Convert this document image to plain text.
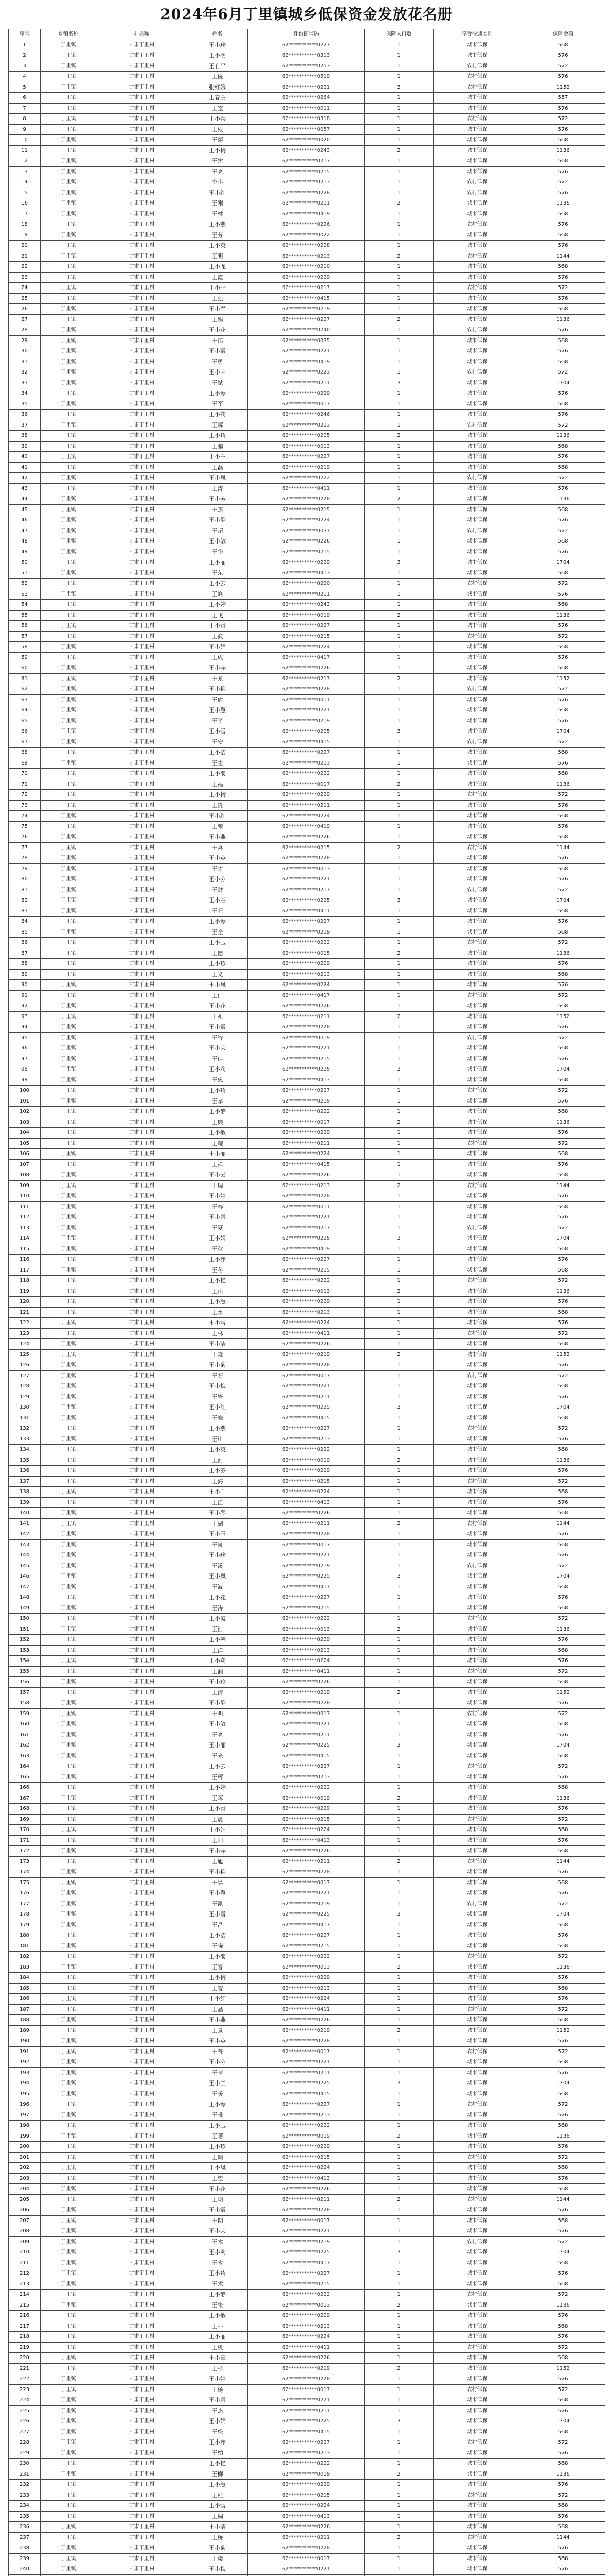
2024年6月丁里镇城乡低保资金发放花名册
序号	乡镇名称	村名称	姓名	身份证号码	保障人口数	享受待遇类别	保障金额
1	丁里镇	甘肃丁里村	王小珍	62***********0227	1	城市低保	568
2	丁里镇	甘肃丁里村	王小明	62***********0313	1	城市低保	576
3	丁里镇	甘肃丁里村	王有平	62***********0253	1	农村低保	572
4	丁里镇	甘肃丁里村	王俊	62***********0519	1	农村低保	576
5	丁里镇	甘肃丁里村	张红娥	62***********0221	3	农村低保	1152
6	丁里镇	甘肃丁里村	王春兰	62***********0264	1	城市低保	557
7	丁里镇	甘肃丁里村	王宝	62***********0011	1	城市低保	576
8	丁里镇	甘肃丁里村	王小兵	62***********0318	1	农村低保	572
9	丁里镇	甘肃丁里村	王根	62***********0057	1	城市低保	576
10	丁里镇	甘肃丁里村	王丽	62***********0020	1	城市低保	568
11	丁里镇	甘肃丁里村	王小梅	62***********0243	2	城市低保	1136
12	丁里镇	甘肃丁里村	王建	62***********0217	1	城市低保	568
13	丁里镇	甘肃丁里村	王亮	62***********0215	1	城市低保	576
14	丁里镇	甘肃丁里村	李小	62***********0213	1	农村低保	572
15	丁里镇	甘肃丁里村	王小红	62***********0228	1	农村低保	576
16	丁里镇	甘肃丁里村	王刚	62***********0211	2	城市低保	1136
17	丁里镇	甘肃丁里村	王林	62***********0419	1	城市低保	568
18	丁里镇	甘肃丁里村	王小燕	62***********0226	1	农村低保	576
19	丁里镇	甘肃丁里村	王芳	62***********0022	1	城市低保	568
20	丁里镇	甘肃丁里村	王小英	62***********0228	1	城市低保	576
21	丁里镇	甘肃丁里村	王明	62***********0213	2	农村低保	1144
22	丁里镇	甘肃丁里村	王小龙	62***********0210	1	城市低保	568
23	丁里镇	甘肃丁里村	王霞	62***********0229	1	城市低保	576
24	丁里镇	甘肃丁里村	王小平	62***********0217	1	农村低保	572
25	丁里镇	甘肃丁里村	王强	62***********0415	1	城市低保	576
26	丁里镇	甘肃丁里村	王小军	62***********0219	1	城市低保	568
27	丁里镇	甘肃丁里村	王娟	62***********0227	2	城市低保	1136
28	丁里镇	甘肃丁里村	王小花	62***********0240	1	农村低保	576
29	丁里镇	甘肃丁里村	王伟	62***********0035	1	城市低保	568
30	丁里镇	甘肃丁里村	王小霞	62***********0221	1	城市低保	576
31	丁里镇	甘肃丁里村	王勇	62***********0419	1	城市低保	568
32	丁里镇	甘肃丁里村	王小荣	62***********0223	1	农村低保	572
33	丁里镇	甘肃丁里村	王斌	62***********0211	3	城市低保	1704
34	丁里镇	甘肃丁里村	王小琴	62***********0229	1	城市低保	576
35	丁里镇	甘肃丁里村	王军	62***********0017	1	城市低保	568
36	丁里镇	甘肃丁里村	王小莉	62***********0246	1	城市低保	576
37	丁里镇	甘肃丁里村	王辉	62***********0213	1	农村低保	572
38	丁里镇	甘肃丁里村	王小玲	62***********0225	2	城市低保	1136
39	丁里镇	甘肃丁里村	王鹏	62***********0013	1	城市低保	568
40	丁里镇	甘肃丁里村	王小兰	62***********0227	1	城市低保	576
41	丁里镇	甘肃丁里村	王磊	62***********0219	1	城市低保	568
42	丁里镇	甘肃丁里村	王小凤	62***********0222	1	农村低保	572
43	丁里镇	甘肃丁里村	王涛	62***********0411	1	城市低保	576
44	丁里镇	甘肃丁里村	王小芳	62***********0228	2	城市低保	1136
45	丁里镇	甘肃丁里村	王杰	62***********0215	1	城市低保	568
46	丁里镇	甘肃丁里村	王小静	62***********0224	1	城市低保	576
47	丁里镇	甘肃丁里村	王超	62***********0037	1	农村低保	572
48	丁里镇	甘肃丁里村	王小敏	62***********0226	1	城市低保	568
49	丁里镇	甘肃丁里村	王华	62***********0215	1	城市低保	576
50	丁里镇	甘肃丁里村	王小丽	62***********0229	3	城市低保	1704
51	丁里镇	甘肃丁里村	王东	62***********0413	1	城市低保	568
52	丁里镇	甘肃丁里村	王小云	62***********0220	1	农村低保	572
53	丁里镇	甘肃丁里村	王峰	62***********0211	1	城市低保	576
54	丁里镇	甘肃丁里村	王小婷	62***********0243	1	城市低保	568
55	丁里镇	甘肃丁里村	王飞	62***********0019	2	城市低保	1136
56	丁里镇	甘肃丁里村	王小青	62***********0227	1	城市低保	576
57	丁里镇	甘肃丁里村	王波	62***********0215	1	农村低保	572
58	丁里镇	甘肃丁里村	王小娟	62***********0224	1	城市低保	568
59	丁里镇	甘肃丁里村	王成	62***********0417	1	城市低保	576
60	丁里镇	甘肃丁里村	王小萍	62***********0226	1	城市低保	568
61	丁里镇	甘肃丁里村	王龙	62***********0213	2	城市低保	1152
62	丁里镇	甘肃丁里村	王小艳	62***********0228	1	农村低保	572
63	丁里镇	甘肃丁里村	王虎	62***********0011	1	城市低保	576
64	丁里镇	甘肃丁里村	王小慧	62***********0221	1	城市低保	568
65	丁里镇	甘肃丁里村	王平	62***********0219	1	城市低保	576
66	丁里镇	甘肃丁里村	王小雪	62***********0225	3	城市低保	1704
67	丁里镇	甘肃丁里村	王安	62***********0415	1	农村低保	572
68	丁里镇	甘肃丁里村	王小洁	62***********0227	1	城市低保	568
69	丁里镇	甘肃丁里村	王生	62***********0213	1	城市低保	576
70	丁里镇	甘肃丁里村	王小菊	62***********0222	1	城市低保	568
71	丁里镇	甘肃丁里村	王福	62***********0017	2	城市低保	1136
72	丁里镇	甘肃丁里村	王小梅	62***********0229	1	农村低保	572
73	丁里镇	甘肃丁里村	王贵	62***********0211	1	城市低保	576
74	丁里镇	甘肃丁里村	王小红	62***********0224	1	城市低保	568
75	丁里镇	甘肃丁里村	王荣	62***********0419	1	城市低保	576
76	丁里镇	甘肃丁里村	王小燕	62***********0226	1	城市低保	568
77	丁里镇	甘肃丁里村	王喜	62***********0215	2	农村低保	1144
78	丁里镇	甘肃丁里村	王小英	62***********0228	1	城市低保	576
79	丁里镇	甘肃丁里村	王才	62***********0013	1	城市低保	568
80	丁里镇	甘肃丁里村	王小芬	62***********0221	1	城市低保	576
81	丁里镇	甘肃丁里村	王财	62***********0217	1	农村低保	572
82	丁里镇	甘肃丁里村	王小兰	62***********0225	3	城市低保	1704
83	丁里镇	甘肃丁里村	王旺	62***********0411	1	城市低保	568
84	丁里镇	甘肃丁里村	王小琴	62***********0227	1	城市低保	576
85	丁里镇	甘肃丁里村	王全	62***********0219	1	城市低保	568
86	丁里镇	甘肃丁里村	王小玉	62***********0222	1	农村低保	572
87	丁里镇	甘肃丁里村	王德	62***********0015	2	城市低保	1136
88	丁里镇	甘肃丁里村	王小珍	62***********0229	1	城市低保	576
89	丁里镇	甘肃丁里村	王义	62***********0213	1	城市低保	568
90	丁里镇	甘肃丁里村	王小凤	62***********0224	1	城市低保	576
91	丁里镇	甘肃丁里村	王仁	62***********0417	1	农村低保	572
92	丁里镇	甘肃丁里村	王小花	62***********0226	1	城市低保	568
93	丁里镇	甘肃丁里村	王礼	62***********0211	2	城市低保	1152
94	丁里镇	甘肃丁里村	王小霞	62***********0228	1	城市低保	576
95	丁里镇	甘肃丁里村	王智	62***********0019	1	农村低保	572
96	丁里镇	甘肃丁里村	王小荣	62***********0221	1	城市低保	568
97	丁里镇	甘肃丁里村	王信	62***********0215	1	城市低保	576
98	丁里镇	甘肃丁里村	王小莉	62***********0225	3	城市低保	1704
99	丁里镇	甘肃丁里村	王忠	62***********0413	1	城市低保	568
100	丁里镇	甘肃丁里村	王小玲	62***********0227	1	农村低保	572
101	丁里镇	甘肃丁里村	王孝	62***********0219	1	城市低保	576
102	丁里镇	甘肃丁里村	王小静	62***********0222	1	城市低保	568
103	丁里镇	甘肃丁里村	王廉	62***********0017	2	城市低保	1136
104	丁里镇	甘肃丁里村	王小敏	62***********0229	1	城市低保	576
105	丁里镇	甘肃丁里村	王耀	62***********0211	1	农村低保	572
106	丁里镇	甘肃丁里村	王小丽	62***********0224	1	城市低保	568
107	丁里镇	甘肃丁里村	王祥	62***********0415	1	城市低保	576
108	丁里镇	甘肃丁里村	王小云	62***********0226	1	城市低保	568
109	丁里镇	甘肃丁里村	王瑞	62***********0213	2	农村低保	1144
110	丁里镇	甘肃丁里村	王小婷	62***********0228	1	城市低保	576
111	丁里镇	甘肃丁里村	王春	62***********0011	1	城市低保	568
112	丁里镇	甘肃丁里村	王小青	62***********0221	1	城市低保	576
113	丁里镇	甘肃丁里村	王夏	62***********0217	1	农村低保	572
114	丁里镇	甘肃丁里村	王小娟	62***********0225	3	城市低保	1704
115	丁里镇	甘肃丁里村	王秋	62***********0419	1	城市低保	568
116	丁里镇	甘肃丁里村	王小萍	62***********0227	1	城市低保	576
117	丁里镇	甘肃丁里村	王冬	62***********0215	1	城市低保	568
118	丁里镇	甘肃丁里村	王小艳	62***********0222	1	农村低保	572
119	丁里镇	甘肃丁里村	王山	62***********0013	2	城市低保	1136
120	丁里镇	甘肃丁里村	王小慧	62***********0229	1	城市低保	576
121	丁里镇	甘肃丁里村	王水	62***********0213	1	城市低保	568
122	丁里镇	甘肃丁里村	王小雪	62***********0224	1	城市低保	576
123	丁里镇	甘肃丁里村	王林	62***********0411	1	农村低保	572
124	丁里镇	甘肃丁里村	王小洁	62***********0226	1	城市低保	568
125	丁里镇	甘肃丁里村	王森	62***********0219	2	城市低保	1152
126	丁里镇	甘肃丁里村	王小菊	62***********0228	1	城市低保	576
127	丁里镇	甘肃丁里村	王石	62***********0017	1	农村低保	572
128	丁里镇	甘肃丁里村	王小梅	62***********0221	1	城市低保	568
129	丁里镇	甘肃丁里村	王岩	62***********0211	1	城市低保	576
130	丁里镇	甘肃丁里村	王小红	62***********0225	3	城市低保	1704
131	丁里镇	甘肃丁里村	王峰	62***********0415	1	城市低保	568
132	丁里镇	甘肃丁里村	王小燕	62***********0227	1	农村低保	572
133	丁里镇	甘肃丁里村	王川	62***********0213	1	城市低保	576
134	丁里镇	甘肃丁里村	王小英	62***********0222	1	城市低保	568
135	丁里镇	甘肃丁里村	王河	62***********0019	2	城市低保	1136
136	丁里镇	甘肃丁里村	王小芬	62***********0229	1	城市低保	576
137	丁里镇	甘肃丁里村	王海	62***********0215	1	农村低保	572
138	丁里镇	甘肃丁里村	王小兰	62***********0224	1	城市低保	568
139	丁里镇	甘肃丁里村	王江	62***********0413	1	城市低保	576
140	丁里镇	甘肃丁里村	王小琴	62***********0226	1	城市低保	568
141	丁里镇	甘肃丁里村	王湖	62***********0211	2	农村低保	1144
142	丁里镇	甘肃丁里村	王小玉	62***********0228	1	城市低保	576
143	丁里镇	甘肃丁里村	王泉	62***********0017	1	城市低保	568
144	丁里镇	甘肃丁里村	王小珍	62***********0221	1	城市低保	576
145	丁里镇	甘肃丁里村	王溪	62***********0219	1	农村低保	572
146	丁里镇	甘肃丁里村	王小凤	62***********0225	3	城市低保	1704
147	丁里镇	甘肃丁里村	王波	62***********0417	1	城市低保	568
148	丁里镇	甘肃丁里村	王小花	62***********0227	1	城市低保	576
149	丁里镇	甘肃丁里村	王涛	62***********0215	1	城市低保	568
150	丁里镇	甘肃丁里村	王小霞	62***********0222	1	农村低保	572
151	丁里镇	甘肃丁里村	王浩	62***********0013	2	城市低保	1136
152	丁里镇	甘肃丁里村	王小荣	62***********0229	1	城市低保	576
153	丁里镇	甘肃丁里村	王洋	62***********0213	1	城市低保	568
154	丁里镇	甘肃丁里村	王小莉	62***********0224	1	城市低保	576
155	丁里镇	甘肃丁里村	王润	62***********0411	1	农村低保	572
156	丁里镇	甘肃丁里村	王小玲	62***********0226	1	城市低保	568
157	丁里镇	甘肃丁里村	王清	62***********0219	2	城市低保	1152
158	丁里镇	甘肃丁里村	王小静	62***********0228	1	城市低保	576
159	丁里镇	甘肃丁里村	王明	62***********0017	1	农村低保	572
160	丁里镇	甘肃丁里村	王小敏	62***********0221	1	城市低保	568
161	丁里镇	甘肃丁里村	王亮	62***********0211	1	城市低保	576
162	丁里镇	甘肃丁里村	王小丽	62***********0225	3	城市低保	1704
163	丁里镇	甘肃丁里村	王光	62***********0415	1	城市低保	568
164	丁里镇	甘肃丁里村	王小云	62***********0227	1	农村低保	572
165	丁里镇	甘肃丁里村	王辉	62***********0213	1	城市低保	576
166	丁里镇	甘肃丁里村	王小婷	62***********0222	1	城市低保	568
167	丁里镇	甘肃丁里村	王晖	62***********0019	2	城市低保	1136
168	丁里镇	甘肃丁里村	王小青	62***********0229	1	城市低保	576
169	丁里镇	甘肃丁里村	王晨	62***********0215	1	农村低保	572
170	丁里镇	甘肃丁里村	王小娟	62***********0224	1	城市低保	568
171	丁里镇	甘肃丁里村	王阳	62***********0413	1	城市低保	576
172	丁里镇	甘肃丁里村	王小萍	62***********0226	1	城市低保	568
173	丁里镇	甘肃丁里村	王旭	62***********0211	2	农村低保	1144
174	丁里镇	甘肃丁里村	王小艳	62***********0228	1	城市低保	576
175	丁里镇	甘肃丁里村	王昊	62***********0017	1	城市低保	568
176	丁里镇	甘肃丁里村	王小慧	62***********0221	1	城市低保	576
177	丁里镇	甘肃丁里村	王昆	62***********0219	1	农村低保	572
178	丁里镇	甘肃丁里村	王小雪	62***********0225	3	城市低保	1704
179	丁里镇	甘肃丁里村	王昌	62***********0417	1	城市低保	568
180	丁里镇	甘肃丁里村	王小洁	62***********0227	1	城市低保	576
181	丁里镇	甘肃丁里村	王晓	62***********0215	1	城市低保	568
182	丁里镇	甘肃丁里村	王小菊	62***********0222	1	农村低保	572
183	丁里镇	甘肃丁里村	王晋	62***********0013	2	城市低保	1136
184	丁里镇	甘肃丁里村	王小梅	62***********0229	1	城市低保	576
185	丁里镇	甘肃丁里村	王智	62***********0213	1	城市低保	568
186	丁里镇	甘肃丁里村	王小红	62***********0224	1	城市低保	576
187	丁里镇	甘肃丁里村	王晶	62***********0411	1	农村低保	572
188	丁里镇	甘肃丁里村	王小燕	62***********0226	1	城市低保	568
189	丁里镇	甘肃丁里村	王景	62***********0219	2	城市低保	1152
190	丁里镇	甘肃丁里村	王小英	62***********0228	1	城市低保	576
191	丁里镇	甘肃丁里村	王普	62***********0017	1	农村低保	572
192	丁里镇	甘肃丁里村	王小芬	62***********0221	1	城市低保	568
193	丁里镇	甘肃丁里村	王晴	62***********0211	1	城市低保	576
194	丁里镇	甘肃丁里村	王小兰	62***********0225	3	城市低保	1704
195	丁里镇	甘肃丁里村	王暖	62***********0415	1	城市低保	568
196	丁里镇	甘肃丁里村	王小琴	62***********0227	1	农村低保	572
197	丁里镇	甘肃丁里村	王曦	62***********0213	1	城市低保	576
198	丁里镇	甘肃丁里村	王小玉	62***********0222	1	城市低保	568
199	丁里镇	甘肃丁里村	王曙	62***********0019	2	城市低保	1136
200	丁里镇	甘肃丁里村	王小珍	62***********0229	1	城市低保	576
201	丁里镇	甘肃丁里村	王朗	62***********0215	1	农村低保	572
202	丁里镇	甘肃丁里村	王小凤	62***********0224	1	城市低保	568
203	丁里镇	甘肃丁里村	王望	62***********0413	1	城市低保	576
204	丁里镇	甘肃丁里村	王小花	62***********0226	1	城市低保	568
205	丁里镇	甘肃丁里村	王朝	62***********0211	2	农村低保	1144
206	丁里镇	甘肃丁里村	王小霞	62***********0228	1	城市低保	576
207	丁里镇	甘肃丁里村	王期	62***********0017	1	城市低保	568
208	丁里镇	甘肃丁里村	王小荣	62***********0221	1	城市低保	576
209	丁里镇	甘肃丁里村	王木	62***********0219	1	农村低保	572
210	丁里镇	甘肃丁里村	王小莉	62***********0225	3	城市低保	1704
211	丁里镇	甘肃丁里村	王本	62***********0417	1	城市低保	568
212	丁里镇	甘肃丁里村	王小玲	62***********0227	1	城市低保	576
213	丁里镇	甘肃丁里村	王术	62***********0215	1	城市低保	568
214	丁里镇	甘肃丁里村	王小静	62***********0222	1	农村低保	572
215	丁里镇	甘肃丁里村	王朱	62***********0013	2	城市低保	1136
216	丁里镇	甘肃丁里村	王小敏	62***********0229	1	城市低保	576
217	丁里镇	甘肃丁里村	王朴	62***********0213	1	城市低保	568
218	丁里镇	甘肃丁里村	王小丽	62***********0224	1	城市低保	576
219	丁里镇	甘肃丁里村	王机	62***********0411	1	农村低保	572
220	丁里镇	甘肃丁里村	王小云	62***********0226	1	城市低保	568
221	丁里镇	甘肃丁里村	王杉	62***********0219	2	城市低保	1152
222	丁里镇	甘肃丁里村	王小婷	62***********0228	1	城市低保	576
223	丁里镇	甘肃丁里村	王杨	62***********0017	1	农村低保	572
224	丁里镇	甘肃丁里村	王小青	62***********0221	1	城市低保	568
225	丁里镇	甘肃丁里村	王杰	62***********0211	1	城市低保	576
226	丁里镇	甘肃丁里村	王小娟	62***********0225	3	城市低保	1704
227	丁里镇	甘肃丁里村	王松	62***********0415	1	城市低保	568
228	丁里镇	甘肃丁里村	王小萍	62***********0227	1	农村低保	572
229	丁里镇	甘肃丁里村	王柏	62***********0213	1	城市低保	576
230	丁里镇	甘肃丁里村	王小艳	62***********0222	1	城市低保	568
231	丁里镇	甘肃丁里村	王柳	62***********0019	2	城市低保	1136
232	丁里镇	甘肃丁里村	王小慧	62***********0229	1	城市低保	576
233	丁里镇	甘肃丁里村	王桂	62***********0215	1	农村低保	572
234	丁里镇	甘肃丁里村	王小雪	62***********0224	1	城市低保	568
235	丁里镇	甘肃丁里村	王桐	62***********0413	1	城市低保	576
236	丁里镇	甘肃丁里村	王小洁	62***********0226	1	城市低保	568
237	丁里镇	甘肃丁里村	王桥	62***********0211	2	农村低保	1144
238	丁里镇	甘肃丁里村	王小菊	62***********0228	1	城市低保	576
239	丁里镇	甘肃丁里村	王梁	62***********0017	1	城市低保	568
240	丁里镇	甘肃丁里村	王小梅	62***********0221	1	城市低保	576
